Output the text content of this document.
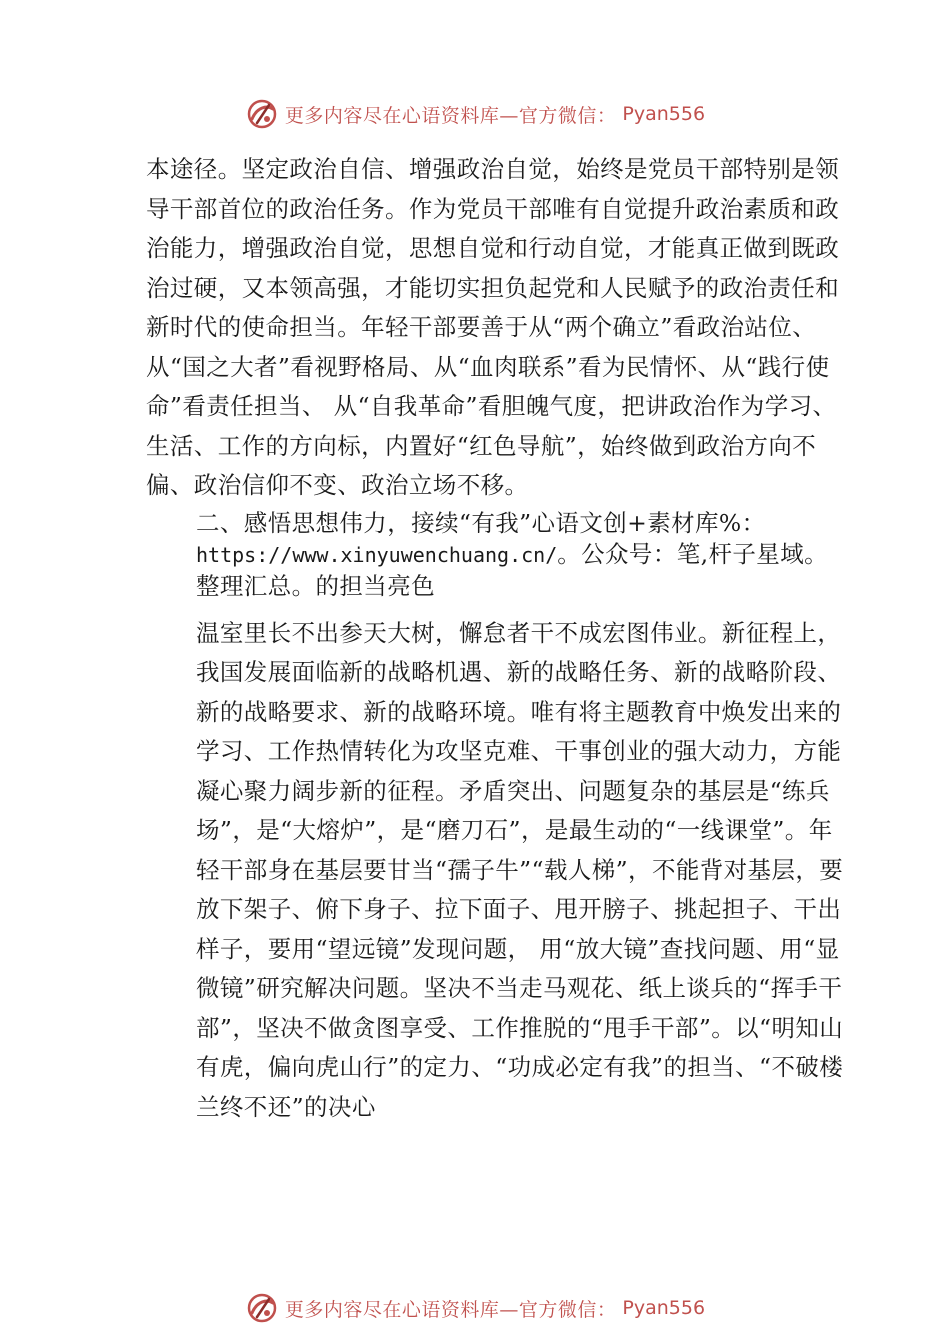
更多内容尽在心语资料库—官方微信： Pyan556

本途径。坚定政治自信、增强政治自觉，始终是党员干部特别是领导干部首位的政治任务。作为党员干部唯有自觉提升政治素质和政治能力，增强政治自觉，思想自觉和行动自觉，才能真正做到既政治过硬，又本领高强，才能切实担负起党和人民赋予的政治责任和新时代的使命担当。年轻干部要善于从“两个确立”看政治站位、从“国之大者”看视野格局、从“血肉联系”看为民情怀、从“践行使命”看责任担当、 从“自我革命”看胆魄气度，把讲政治作为学习、生活、工作的方向标，内置好“红色导航”，始终做到政治方向不偏、政治信仰不变、政治立场不移。

二、感悟思想伟力，接续“有我”心语文创+素材库%：
https://www.xinyuwenchuang.cn/。公众号：笔,杆子星域。
整理汇总。的担当亮色

温室里长不出参天大树，懈怠者干不成宏图伟业。新征程上，我国发展面临新的战略机遇、新的战略任务、新的战略阶段、新的战略要求、新的战略环境。唯有将主题教育中焕发出来的学习、工作热情转化为攻坚克难、干事创业的强大动力，方能凝心聚力阔步新的征程。矛盾突出、问题复杂的基层是“练兵场”，是“大熔炉”，是“磨刀石”，是最生动的“一线课堂”。年轻干部身在基层要甘当“孺子牛”“载人梯”，不能背对基层，要放下架子、俯下身子、拉下面子、甩开膀子、挑起担子、干出样子，要用“望远镜”发现问题， 用“放大镜”查找问题、用“显微镜”研究解决问题。坚决不当走马观花、纸上谈兵的“挥手干部”，坚决不做贪图享受、工作推脱的“甩手干部”。以“明知山有虎，偏向虎山行”的定力、“功成必定有我”的担当、“不破楼兰终不还”的决心

更多内容尽在心语资料库—官方微信： Pyan556
